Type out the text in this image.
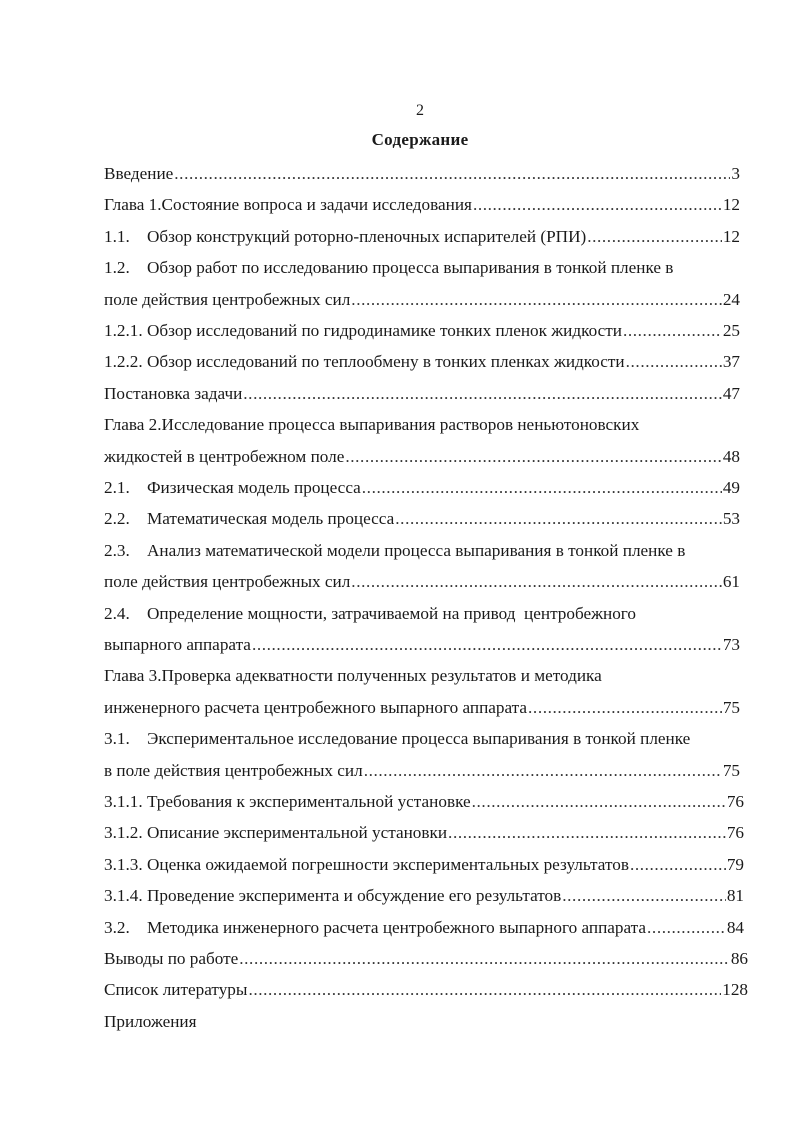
2
Содержание
Введение .....	3
Глава 1.Состояние вопроса и задачи исследования .....	12
1.1.    Обзор конструкций роторно-пленочных испарителей (РПИ) .....	12
1.2.    Обзор работ по исследованию процесса выпаривания в тонкой пленке в
поле действия центробежных сил .....	24
1.2.1. Обзор исследований по гидродинамике тонких пленок жидкости .....	25
1.2.2. Обзор исследований по теплообмену в тонких пленках жидкости .....	37
Постановка задачи .....	47
Глава 2.Исследование процесса выпаривания растворов неньютоновских
жидкостей в центробежном поле .....	48
2.1.    Физическая модель процесса .....	49
2.2.    Математическая модель процесса .....	53
2.3.    Анализ математической модели процесса выпаривания в тонкой пленке в
поле действия центробежных сил .....	61
2.4.    Определение мощности, затрачиваемой на привод  центробежного
выпарного аппарата .....	73
Глава 3.Проверка адекватности полученных результатов и методика
инженерного расчета центробежного выпарного аппарата .....	75
3.1.    Экспериментальное исследование процесса выпаривания в тонкой пленке
в поле действия центробежных сил .....	75
3.1.1. Требования к экспериментальной установке .....	76
3.1.2. Описание экспериментальной установки .....	76
3.1.3. Оценка ожидаемой погрешности экспериментальных результатов .....	79
3.1.4. Проведение эксперимента и обсуждение его результатов .....	81
3.2.    Методика инженерного расчета центробежного выпарного аппарата .....	84
Выводы по работе .....	86
Список литературы .....	128
Приложения
